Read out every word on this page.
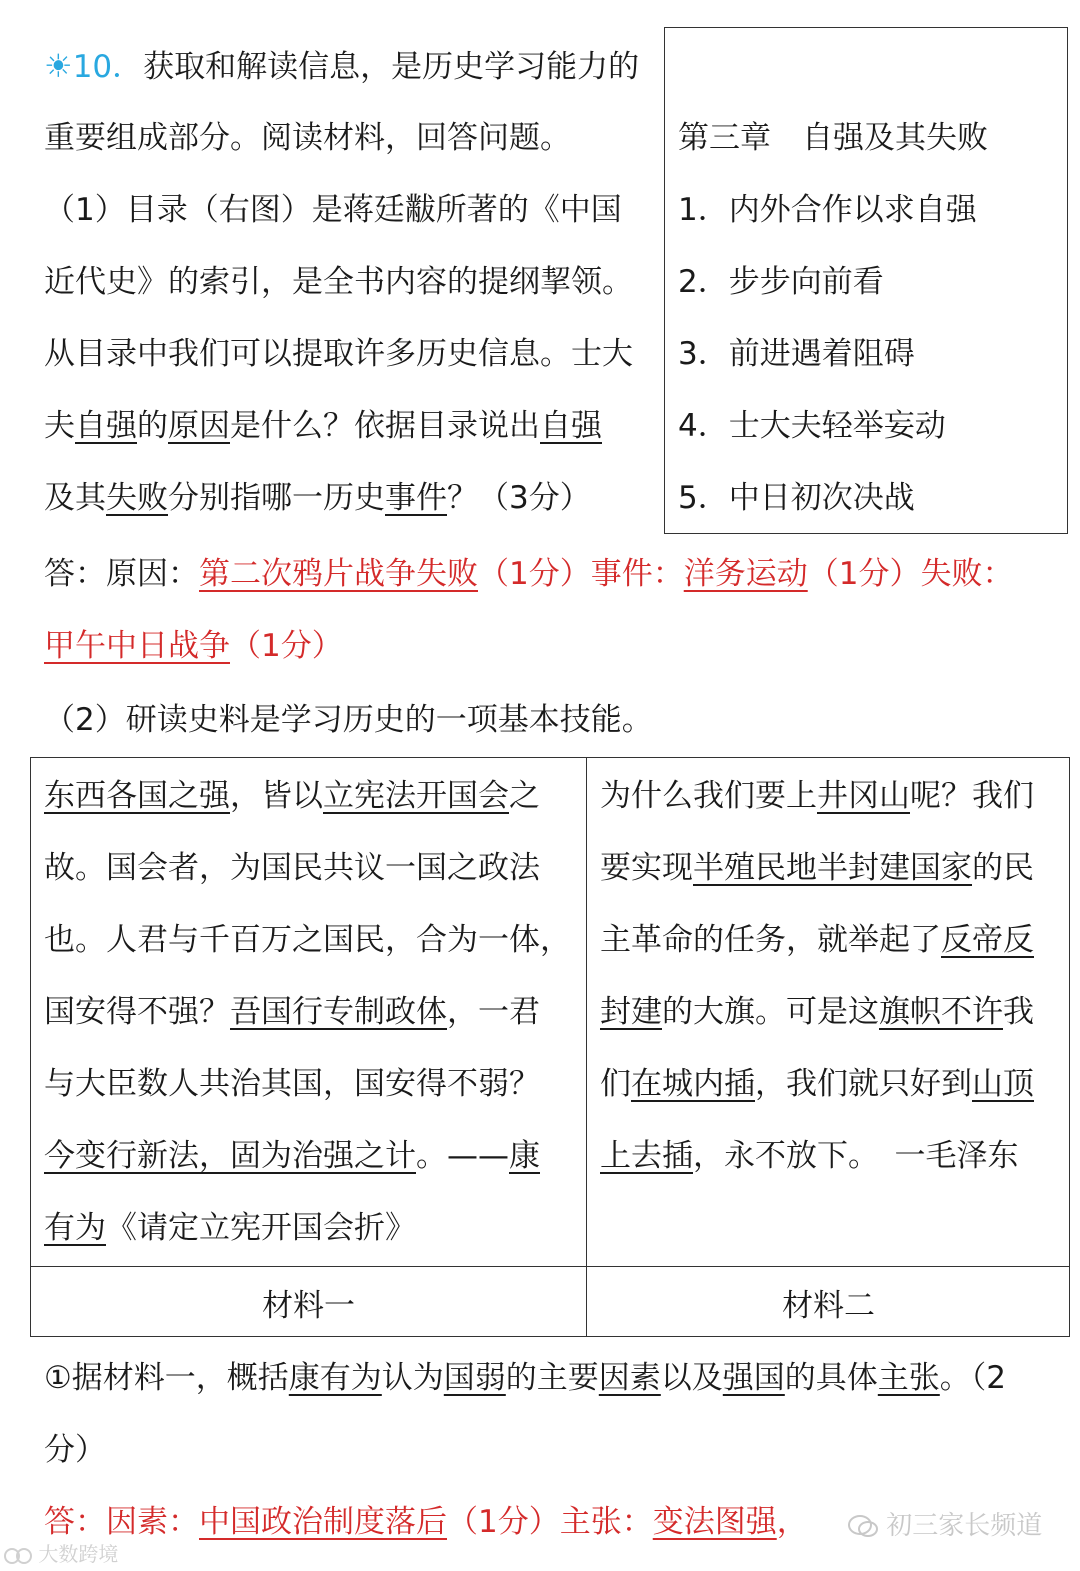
☀10．获取和解读信息，是历史学习能力的
重要组成部分。阅读材料，回答问题。
（1）目录（右图）是蒋廷黻所著的《中国
近代史》的索引，是全书内容的提纲挈领。
从目录中我们可以提取许多历史信息。士大
夫自强的原因是什么？依据目录说出自强
及其失败分别指哪一历史事件？（3分）
第三章　自强及其失败
1．内外合作以求自强
2．步步向前看
3．前进遇着阻碍
4．士大夫轻举妄动
5．中日初次决战
答：原因：第二次鸦片战争失败（1分）事件：洋务运动（1分）失败：
甲午中日战争（1分）
（2）研读史料是学习历史的一项基本技能。
材料一	材料二
东西各国之强，皆以立宪法开国会之
故。国会者，为国民共议一国之政法
也。人君与千百万之国民，合为一体，
国安得不强？吾国行专制政体，一君
与大臣数人共治其国，国安得不弱？
今变行新法，固为治强之计。——康
有为《请定立宪开国会折》
为什么我们要上井冈山呢？我们
要实现半殖民地半封建国家的民
主革命的任务，就举起了反帝反
封建的大旗。可是这旗帜不许我
们在城内插，我们就只好到山顶
上去插，永不放下。　一毛泽东
①据材料一，概括康有为认为国弱的主要因素以及强国的具体主张。（2
分）
答：因素：中国政治制度落后（1分）主张：变法图强，	初三家长频道
大数跨境
